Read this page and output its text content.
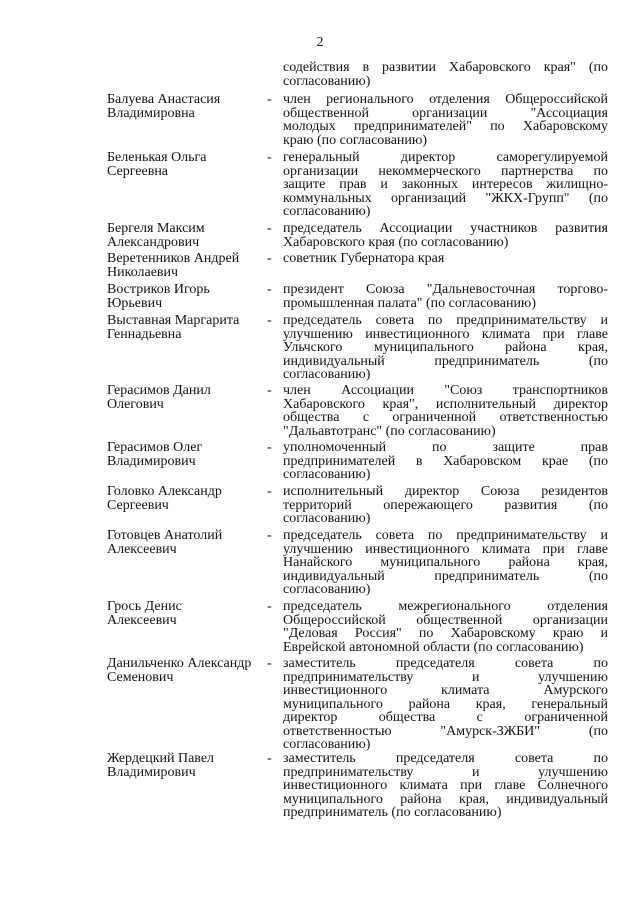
2
содействия в развитии Хабаровского края" (по
согласованию)
Балуева Анастасия
Владимировна
- член регионального отделения Общероссийской
общественной организации "Ассоциация
молодых предпринимателей" по Хабаровскому
краю (по согласованию)
Беленькая Ольга
Сергеевна
- генеральный директор саморегулируемой
организации некоммерческого партнерства по
защите прав и законных интересов жилищно-
коммунальных организаций "ЖКХ-Групп" (по
согласованию)
Бергеля Максим
Александрович
- председатель Ассоциации участников развития
Хабаровского края (по согласованию)
Веретенников Андрей
Николаевич
- советник Губернатора края
Востриков Игорь
Юрьевич
- президент Союза "Дальневосточная торгово-
промышленная палата" (по согласованию)
Выставная Маргарита
Геннадьевна
- председатель совета по предпринимательству и
улучшению инвестиционного климата при главе
Ульчского муниципального района края,
индивидуальный предприниматель (по
согласованию)
Герасимов Данил
Олегович
- член Ассоциации "Союз транспортников
Хабаровского края", исполнительный директор
общества с ограниченной ответственностью
"Дальавтотранс" (по согласованию)
Герасимов Олег
Владимирович
- уполномоченный по защите прав
предпринимателей в Хабаровском крае (по
согласованию)
Головко Александр
Сергеевич
- исполнительный директор Союза резидентов
территорий опережающего развития (по
согласованию)
Готовцев Анатолий
Алексеевич
- председатель совета по предпринимательству и
улучшению инвестиционного климата при главе
Нанайского муниципального района края,
индивидуальный предприниматель (по
согласованию)
Грось Денис
Алексеевич
- председатель межрегионального отделения
Общероссийской общественной организации
"Деловая Россия" по Хабаровскому краю и
Еврейской автономной области (по согласованию)
Данильченко Александр
Семенович
- заместитель председателя совета по
предпринимательству и улучшению
инвестиционного климата Амурского
муниципального района края, генеральный
директор общества с ограниченной
ответственностью "Амурск-ЗЖБИ" (по
согласованию)
Жердецкий Павел
Владимирович
- заместитель председателя совета по
предпринимательству и улучшению
инвестиционного климата при главе Солнечного
муниципального района края, индивидуальный
предприниматель (по согласованию)
